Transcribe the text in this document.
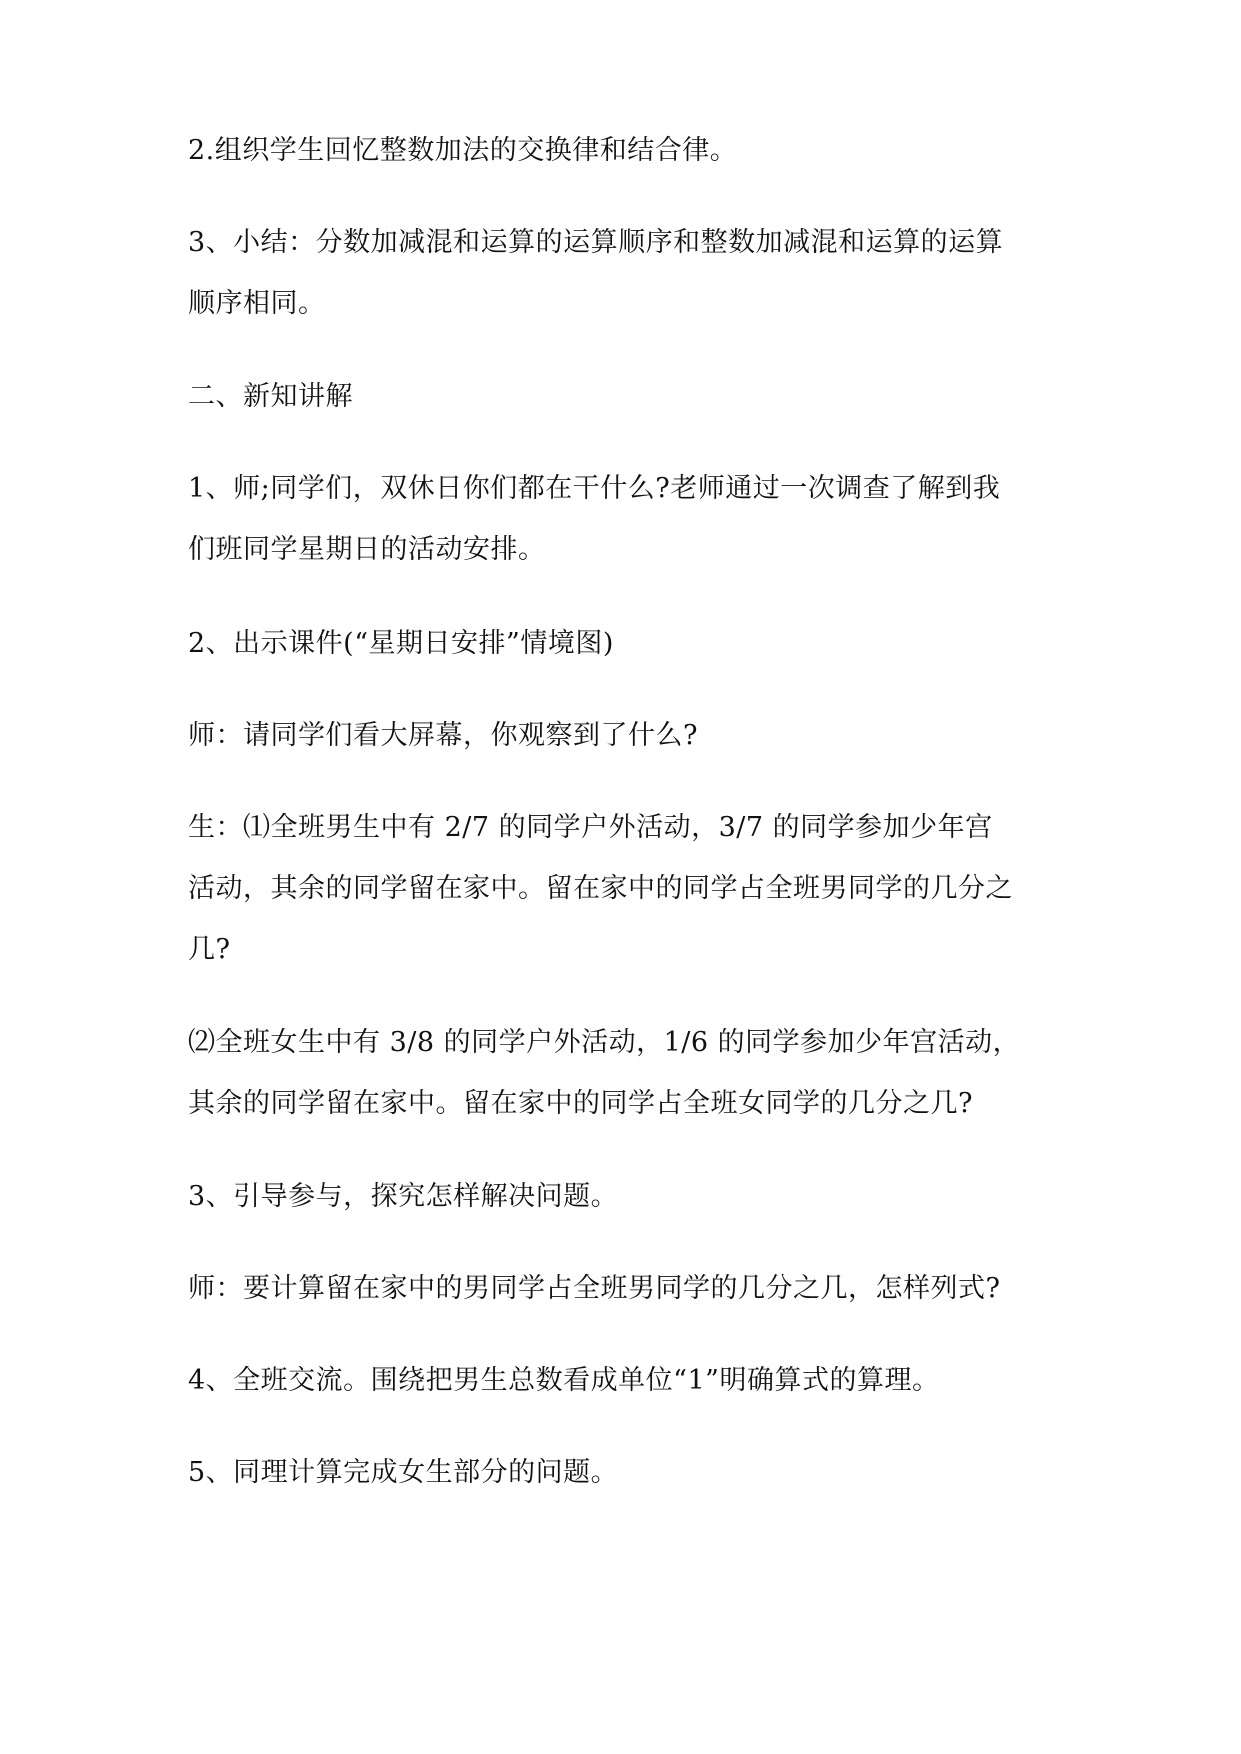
2.组织学生回忆整数加法的交换律和结合律。
3、小结：分数加减混和运算的运算顺序和整数加减混和运算的运算
顺序相同。
二、新知讲解
1、师;同学们，双休日你们都在干什么?老师通过一次调查了解到我
们班同学星期日的活动安排。
2、出示课件(“星期日安排”情境图)
师：请同学们看大屏幕，你观察到了什么?
生：⑴全班男生中有 2/7 的同学户外活动，3/7 的同学参加少年宫
活动，其余的同学留在家中。留在家中的同学占全班男同学的几分之
几?
⑵全班女生中有 3/8 的同学户外活动，1/6 的同学参加少年宫活动，
其余的同学留在家中。留在家中的同学占全班女同学的几分之几?
3、引导参与，探究怎样解决问题。
师：要计算留在家中的男同学占全班男同学的几分之几，怎样列式?
4、全班交流。围绕把男生总数看成单位“1”明确算式的算理。
5、同理计算完成女生部分的问题。
